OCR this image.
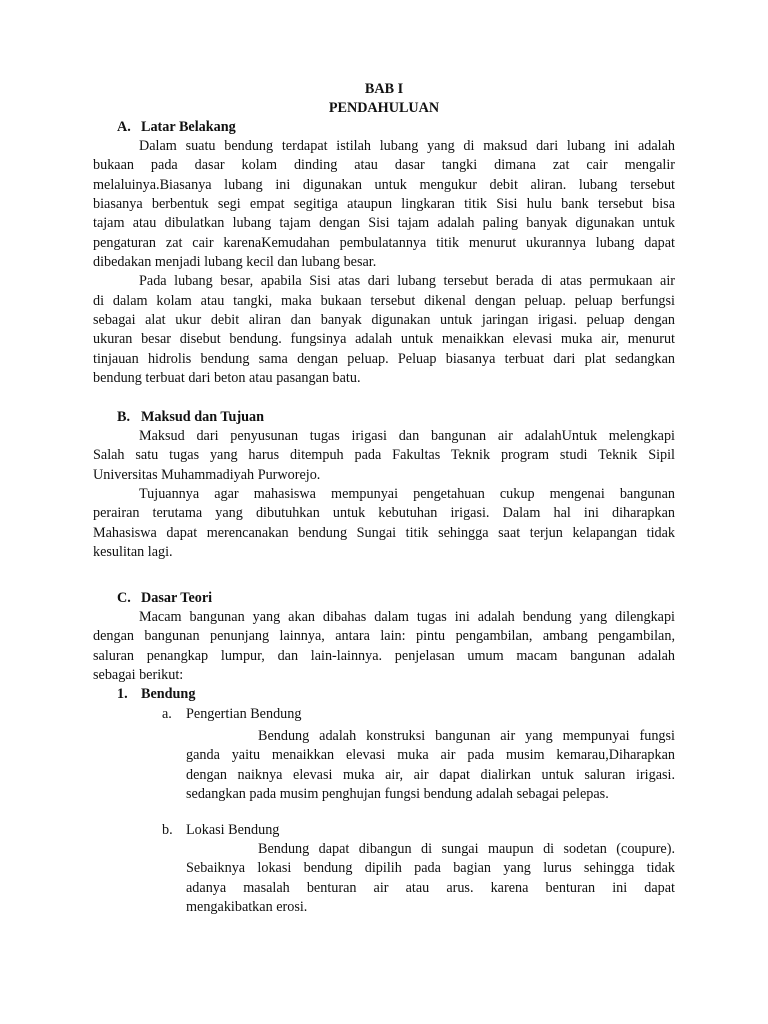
BAB I
PENDAHULUAN
A. Latar Belakang
Dalam suatu bendung terdapat istilah lubang yang di maksud dari lubang ini adalah
bukaan pada dasar kolam dinding atau dasar tangki dimana zat cair mengalir
melaluinya.Biasanya lubang ini digunakan untuk mengukur debit aliran. lubang tersebut
biasanya berbentuk segi empat segitiga ataupun lingkaran titik Sisi hulu bank tersebut bisa
tajam atau dibulatkan lubang tajam dengan Sisi tajam adalah paling banyak digunakan untuk
pengaturan zat cair karenaKemudahan pembulatannya titik menurut ukurannya lubang dapat
dibedakan menjadi lubang kecil dan lubang besar.
Pada lubang besar, apabila Sisi atas dari lubang tersebut berada di atas permukaan air
di dalam kolam atau tangki, maka bukaan tersebut dikenal dengan peluap. peluap berfungsi
sebagai alat ukur debit aliran dan banyak digunakan untuk jaringan irigasi. peluap dengan
ukuran besar disebut bendung. fungsinya adalah untuk menaikkan elevasi muka air, menurut
tinjauan hidrolis bendung sama dengan peluap. Peluap biasanya terbuat dari plat sedangkan
bendung terbuat dari beton atau pasangan batu.
B. Maksud dan Tujuan
Maksud dari penyusunan tugas irigasi dan bangunan air adalahUntuk melengkapi
Salah satu tugas yang harus ditempuh pada Fakultas Teknik program studi Teknik Sipil
Universitas Muhammadiyah Purworejo.
Tujuannya agar mahasiswa mempunyai pengetahuan cukup mengenai bangunan
perairan terutama yang dibutuhkan untuk kebutuhan irigasi. Dalam hal ini diharapkan
Mahasiswa dapat merencanakan bendung Sungai titik sehingga saat terjun kelapangan tidak
kesulitan lagi.
C. Dasar Teori
Macam bangunan yang akan dibahas dalam tugas ini adalah bendung yang dilengkapi
dengan bangunan penunjang lainnya, antara lain: pintu pengambilan, ambang pengambilan,
saluran penangkap lumpur, dan lain-lainnya. penjelasan umum macam bangunan adalah
sebagai berikut:
1. Bendung
a. Pengertian Bendung
Bendung adalah konstruksi bangunan air yang mempunyai fungsi
ganda yaitu menaikkan elevasi muka air pada musim kemarau,Diharapkan
dengan naiknya elevasi muka air, air dapat dialirkan untuk saluran irigasi.
sedangkan pada musim penghujan fungsi bendung adalah sebagai pelepas.
b. Lokasi Bendung
Bendung dapat dibangun di sungai maupun di sodetan (coupure).
Sebaiknya lokasi bendung dipilih pada bagian yang lurus sehingga tidak
adanya masalah benturan air atau arus. karena benturan ini dapat
mengakibatkan erosi.
